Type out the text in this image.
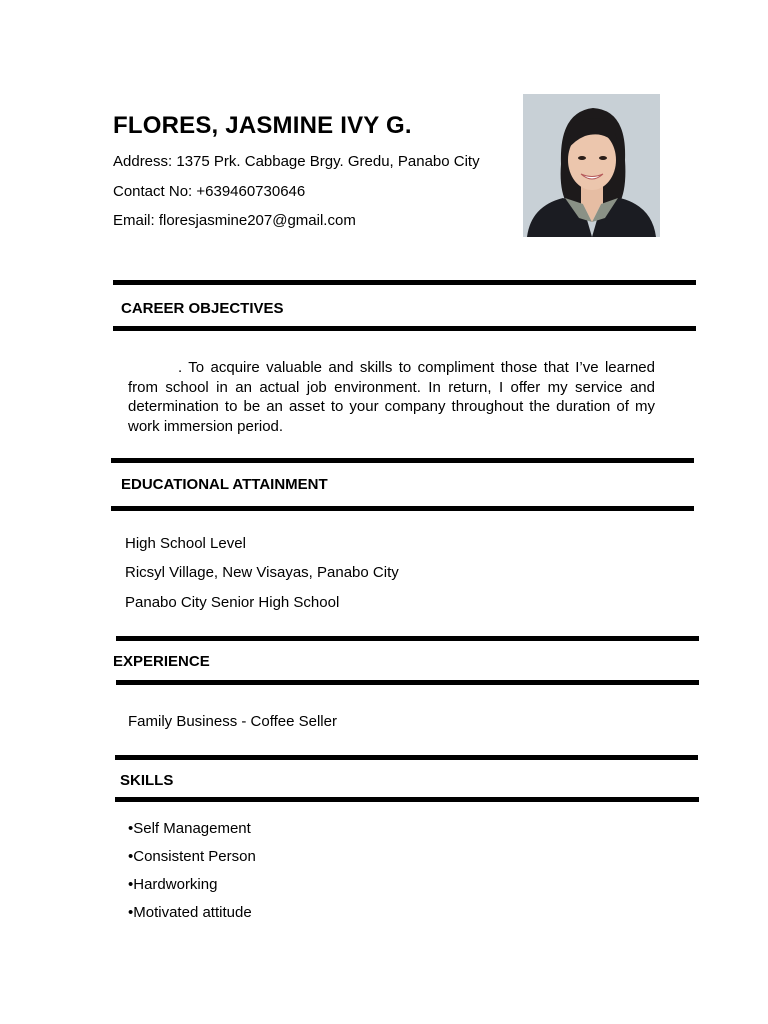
FLORES, JASMINE IVY G.
Address: 1375 Prk. Cabbage Brgy. Gredu, Panabo City
Contact No: +639460730646
Email: floresjasmine207@gmail.com
CAREER OBJECTIVES
. To acquire valuable and skills to compliment those that I’ve learned from school in an actual job environment. In return, I offer my service and determination to be an asset to your company throughout the duration of my work immersion period.
EDUCATIONAL ATTAINMENT
High School Level
Ricsyl Village, New Visayas, Panabo City
Panabo City Senior High School
EXPERIENCE
Family Business - Coffee Seller
SKILLS
•Self Management
•Consistent Person
•Hardworking
•Motivated attitude
